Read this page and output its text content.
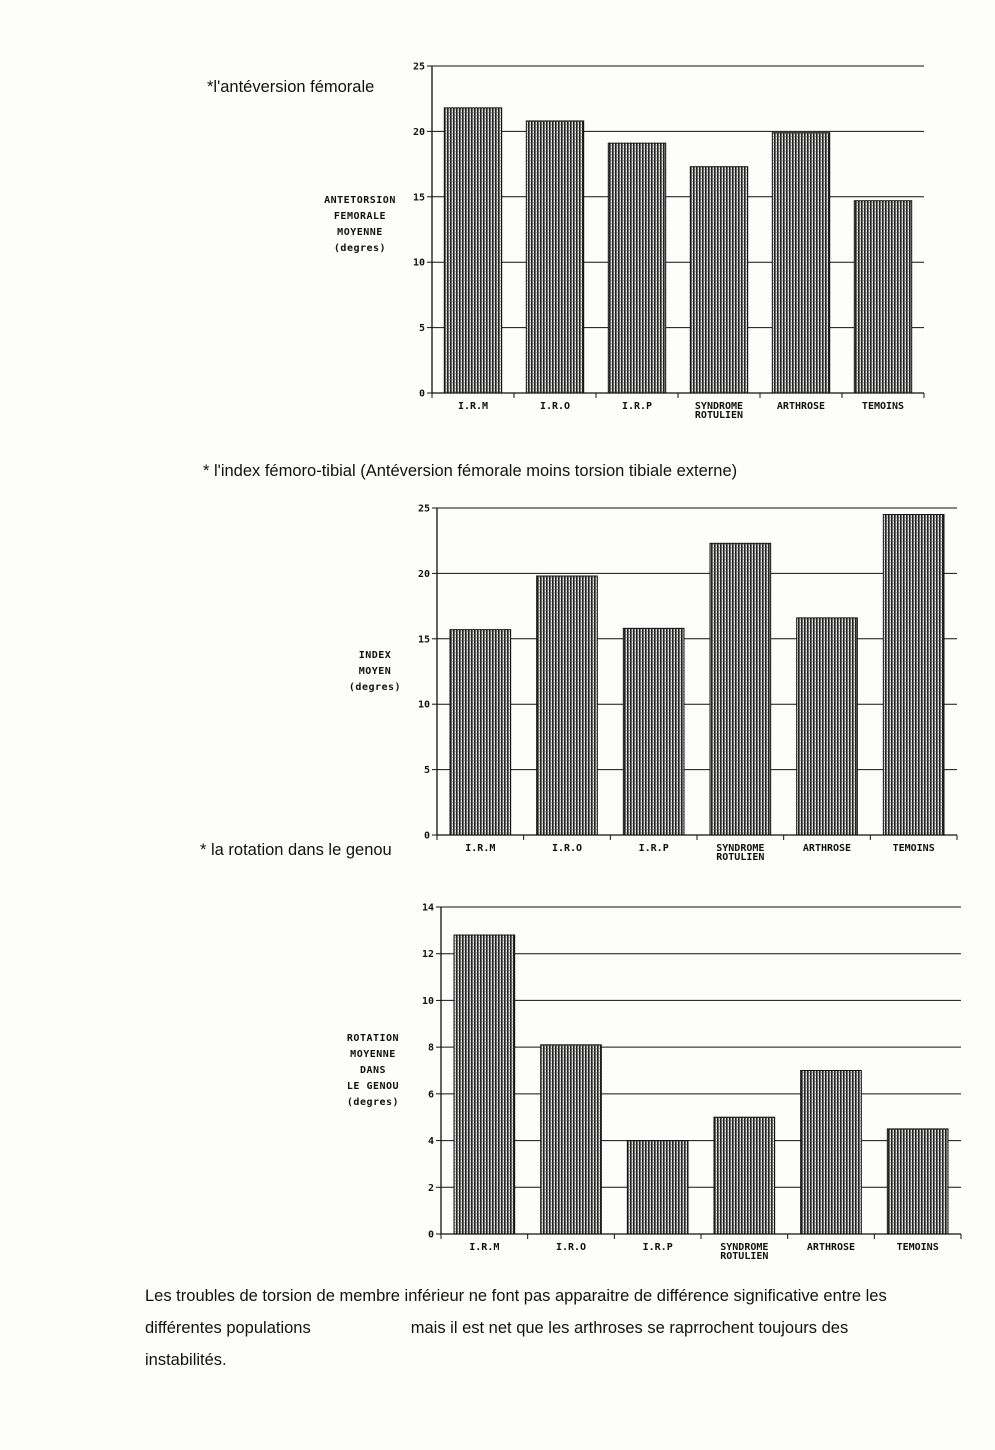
*l'antéversion fémorale
* l'index fémoro-tibial (Antéversion fémorale moins torsion tibiale externe)
* la rotation dans le genou
ANTETORSION
FEMORALE
MOYENNE
(degres)
0
5
10
15
20
25
I.R.M	I.R.O	I.R.P	SYNDROME
ROTULIEN
ARTHROSE	TEMOINS
INDEX
MOYEN
(degres)
0
5
10
15
20
25
I.R.M	I.R.O	I.R.P	SYNDROME
ROTULIEN
ARTHROSE	TEMOINS
ROTATION
MOYENNE
DANS
LE GENOU
(degres)
0
2
4
6
8
10
12
14
I.R.M	I.R.O	I.R.P	SYNDROME
ROTULIEN
ARTHROSE	TEMOINS

Les troubles de torsion de membre inférieur ne font pas apparaitre de différence significative entre les

différentes populations	mais il est net que les arthroses se raprrochent toujours des

instabilités.
